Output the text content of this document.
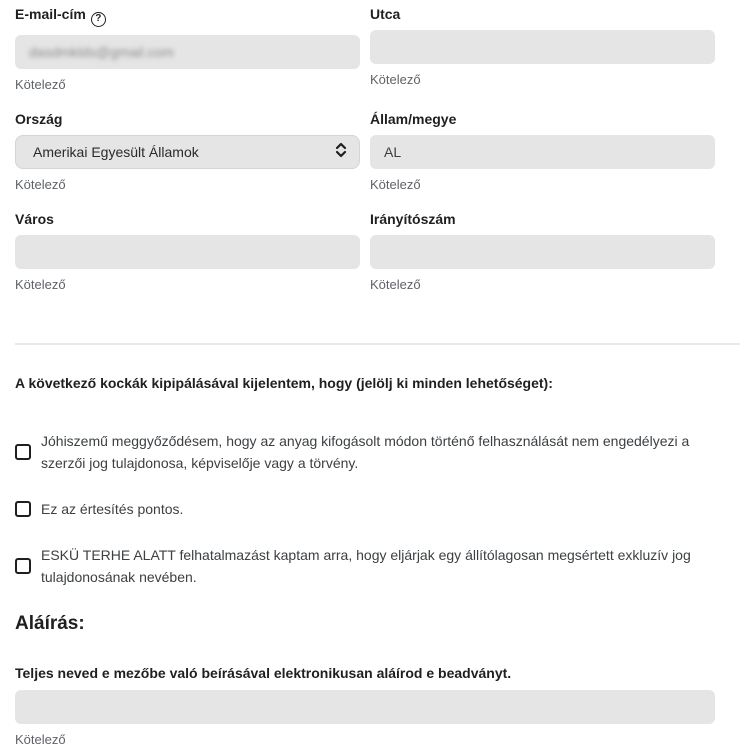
E-mail-cím ?
dasdmklds@gmail.com
Kötelező
Utca
Kötelező
Ország
Amerikai Egyesült Államok
Kötelező
Állam/megye
AL
Kötelező
Város
Kötelező
Irányítószám
Kötelező
A következő kockák kipipálásával kijelentem, hogy (jelölj ki minden lehetőséget):
Jóhiszemű meggyőződésem, hogy az anyag kifogásolt módon történő felhasználását nem engedélyezi a szerzői jog tulajdonosa, képviselője vagy a törvény.
Ez az értesítés pontos.
ESKÜ TERHE ALATT felhatalmazást kaptam arra, hogy eljárjak egy állítólagosan megsértett exkluzív jog tulajdonosának nevében.
Aláírás:
Teljes neved e mezőbe való beírásával elektronikusan aláírod e beadványt.
Kötelező
